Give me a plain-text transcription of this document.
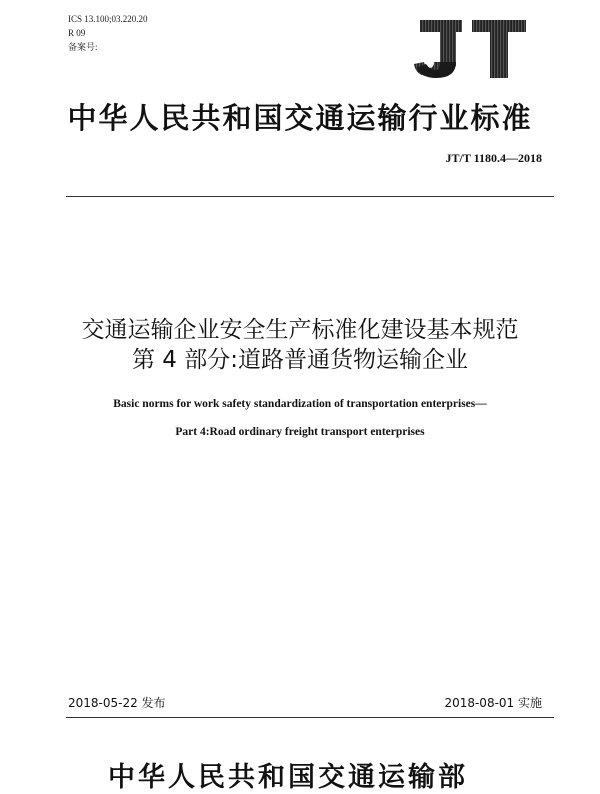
ICS 13.100;03.220.20
R 09
备案号:
中华人民共和国交通运输行业标准
JT/T 1180.4—2018
交通运输企业安全生产标准化建设基本规范
第 4 部分:道路普通货物运输企业
Basic norms for work safety standardization of transportation enterprises—
Part 4:Road ordinary freight transport enterprises
2018-05-22 发布	2018-08-01 实施
中华人民共和国交通运输部
